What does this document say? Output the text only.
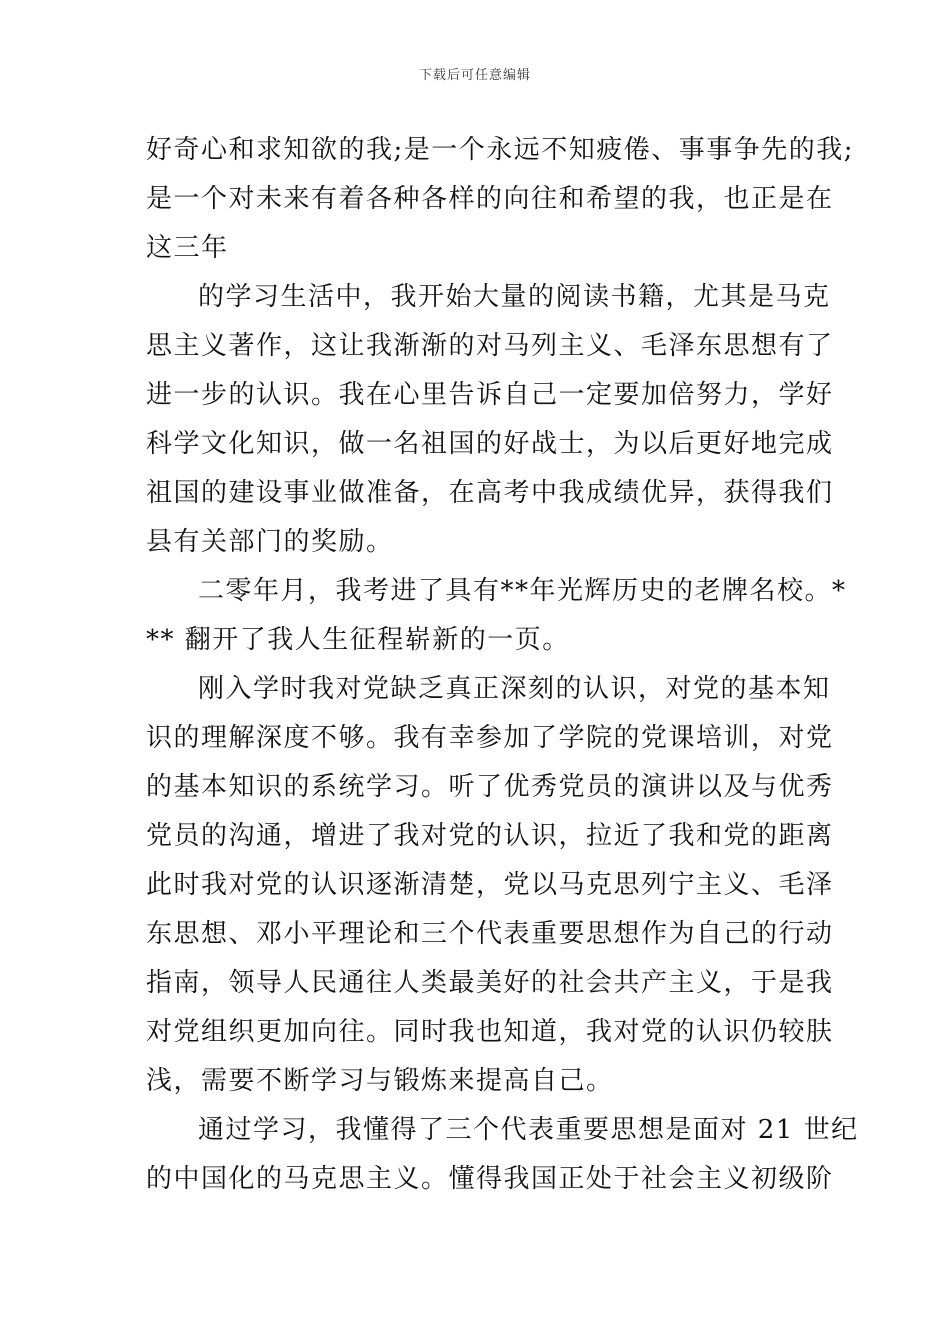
下载后可任意编辑
好奇心和求知欲的我;是一个永远不知疲倦、事事争先的我;
是一个对未来有着各种各样的向往和希望的我，也正是在
这三年
的学习生活中，我开始大量的阅读书籍，尤其是马克
思主义著作，这让我渐渐的对马列主义、毛泽东思想有了
进一步的认识。我在心里告诉自己一定要加倍努力，学好
科学文化知识，做一名祖国的好战士，为以后更好地完成
祖国的建设事业做准备，在高考中我成绩优异，获得我们
县有关部门的奖励。
二零年月，我考进了具有**年光辉历史的老牌名校。*
** 翻开了我人生征程崭新的一页。
刚入学时我对党缺乏真正深刻的认识，对党的基本知
识的理解深度不够。我有幸参加了学院的党课培训，对党
的基本知识的系统学习。听了优秀党员的演讲以及与优秀
党员的沟通，增进了我对党的认识，拉近了我和党的距离
此时我对党的认识逐渐清楚，党以马克思列宁主义、毛泽
东思想、邓小平理论和三个代表重要思想作为自己的行动
指南，领导人民通往人类最美好的社会共产主义，于是我
对党组织更加向往。同时我也知道，我对党的认识仍较肤
浅，需要不断学习与锻炼来提高自己。
通过学习，我懂得了三个代表重要思想是面对 21 世纪
的中国化的马克思主义。懂得我国正处于社会主义初级阶
